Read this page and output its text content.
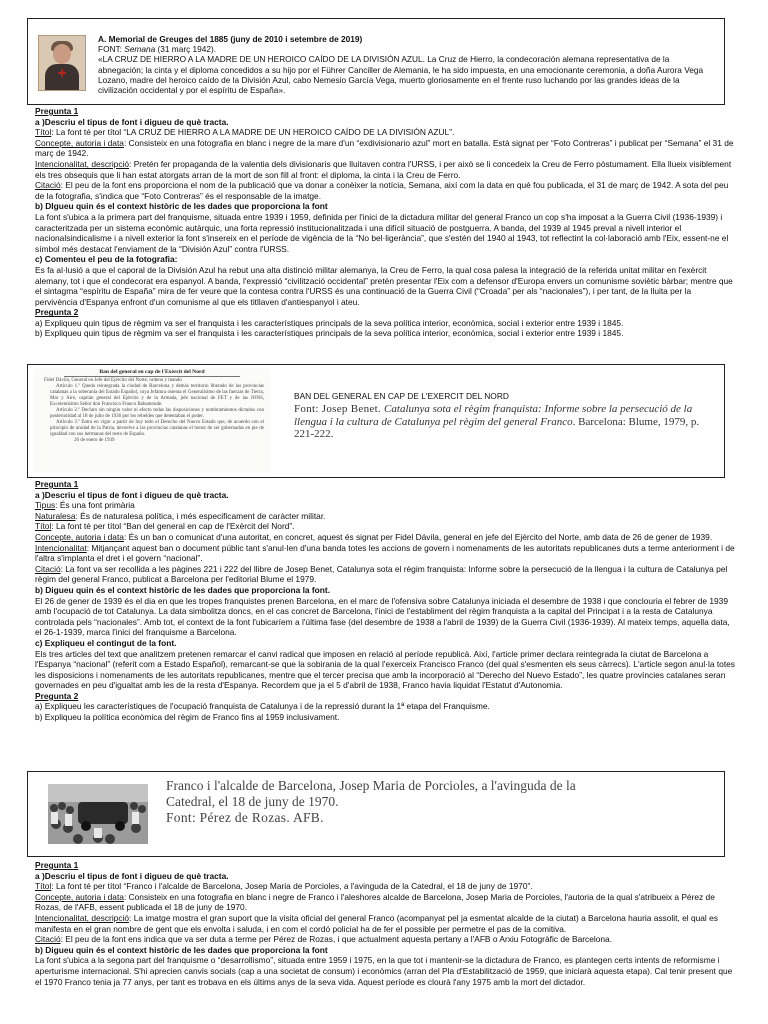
A. Memorial de Greuges del 1885 (juny de 2010 i setembre de 2019)
FONT: Semana (31 març 1942).
«LA CRUZ DE HIERRO A LA MADRE DE UN HEROICO CAÍDO DE LA DIVISIÓN AZUL. La Cruz de Hierro, la condecoración alemana representativa de la abnegación; la cinta y el diploma concedidos a su hijo por el Führer Canciller de Alemania, le ha sido impuesta, en una emocionante ceremonia, a doña Aurora Vega Lozano, madre del heroico caído de la División Azul, cabo Nemesio García Vega, muerto gloriosamente en el frente ruso luchando por las grandes ideas de la civilización occidental y por el espíritu de España».

Pregunta 1

a )Descriu el tipus de font i digueu de què tracta.

Títol: La font té per títol “LA CRUZ DE HIERRO A LA MADRE DE UN HEROICO CAÍDO DE LA DIVISIÓN AZUL”.

Concepte, autoria i data: Consisteix en una fotografia en blanc i negre de la mare d'un “exdivisionario azul” mort en batalla. Està signat per “Foto Contreras” i publicat per “Semana” el 31 de març de 1942.

Intencionalitat, descripció: Pretén fer propaganda de la valentia dels divisionaris que lluitaven contra l'URSS, i per això se li concedeix la Creu de Ferro pòstumament. Ella llueix visiblement els tres obsequis que li han estat atorgats arran de la mort de son fill al front: el diploma, la cinta i la Creu de Ferro.

Citació: El peu de la font ens proporciona el nom de la publicació que va donar a conèixer la notícia, Semana, així com la data en què fou publicada, el 31 de març de 1942. A sota del peu de la fotografia, s'indica que “Foto Contreras” és el responsable de la imatge.

b) DIgueu quin és el context històric de les dades que proporciona la font

La font s'ubica a la primera part del franquisme, situada entre 1939 i 1959, definida per l'inici de la dictadura militar del general Franco un cop s'ha imposat a la Guerra Civil (1936-1939) i caracteritzada per un sistema econòmic autàrquic, una forta repressió institucionalitzada i una difícil situació de postguerra. A banda, del 1939 al 1945 preval a nivell interior el nacionalsindicalisme i a nivell exterior la font s'insereix en el període de vigència de la “No bel·ligerància”, que s'estén del 1940 al 1943, tot reflectint la col·laboració amb l'Eix, essent-ne el símbol més destacat l'enviament de la “División Azul” contra l'URSS.

c) Comenteu el peu de la fotografia:

Es fa al·lusió a que el caporal de la División Azul ha rebut una alta distinció militar alemanya, la Creu de Ferro, la qual cosa palesa la integració de la referida unitat militar en l'exèrcit alemany, tot i que el condecorat era espanyol. A banda, l'expressió “civilització occidental” pretén presentar l'Eix com a defensor d'Europa envers un comunisme soviètic bàrbar; mentre que el sintagma “espíritu de España” mira de fer veure que la contesa contra l'URSS és una continuació de la Guerra Civil (“Croada” per als “nacionales”), i per tant, de la lluita per la pervivència d'Espanya enfront d'un comunisme al que els titllaven d'antiespanyol i ateu.

Pregunta 2

a) Expliqueu quin tipus de règmim va ser el franquista i les característiques principals de la seva política interior, econòmica, social i exterior entre 1939 i 1845.

b) Expliqueu quin tipus de règmim va ser el franquista i les característiques principals de la seva política interior, econòmica, social i exterior entre 1939 i 1845.

Ban del general en cap de l'Exèrcit del Nord
Fidel Dávila, General en Jefe del Ejército del Norte, ordeno y mando
Artículo 1.º Queda reintegrada la ciudad de Barcelona y demás territorio liberado de las provincias catalanas a la soberanía del Estado Español, cuya Jefatura ostenta el Generalísimo de las fuerzas de Tierra, Mar y Aire, capitán general del Ejército y de la Armada, jefe nacional de FET y de las JONS, Excelentísimo Señor don Francisco Franco Bahamonde.
Artículo 2.º Declaro sin ningún valor ni efecto todas las disposiciones y nombramientos dictados con posterioridad al 18 de julio de 1936 por los rebeldes que detentaban el poder.
Artículo 3.º Entra en vigor a partir de hoy todo el Derecho del Nuevo Estado que, de acuerdo con el principio de unidad de la Patria, devuelve a las provincias catalanas el honor de ser gobernadas en pie de igualdad con sus hermanas del resto de España.
26 de enero de 1939
BAN DEL GENERAL EN CAP DE L'EXERCIT DEL NORD
Font: Josep Benet. Catalunya sota el règim franquista: Informe sobre la persecució de la llengua i la cultura de Catalunya pel règim del general Franco. Barcelona: Blume, 1979, p. 221-222.

Pregunta 1

a )Descriu el tipus de font i digueu de què tracta.

Tipus: És una font primària

Naturalesa: És de naturalesa política, i més especificament de caràcter militar.

Títol: La font té per títol “Ban del general en cap de l'Exèrcit del Nord”.

Concepte, autoria i data: És un ban o comunicat d'una autoritat, en concret, aquest és signat per Fidel Dávila, general en jefe del Ejército del Norte, amb data de 26 de gener de 1939.

Intencionalitat: Mitjançant aquest ban o document públic tant s'anul·len d'una banda totes les accions de govern i nomenaments de les autoritats republicanes duts a terme anteriorment i de l'altra s'implanta el dret i el govern “nacional”.

Citació: La font va ser recollida a les pàgines 221 i 222 del llibre de Josep Benet, Catalunya sota el règim franquista: Informe sobre la persecució de la llengua i la cultura de Catalunya pel règim del general Franco, publicat a Barcelona per l'editorial Blume el 1979.

b) Digueu quin és el context històric de les dades que proporciona la font.

El 26 de gener de 1939 és el dia en que les tropes franquistes prenen Barcelona, en el marc de l'ofensiva sobre Catalunya iniciada el desembre de 1938 i que conclouria el febrer de 1939 amb l'ocupació de tot Catalunya. La data simbolitza doncs, en el cas concret de Barcelona, l'inici de l'establiment del règim franquista a la capital del Principat i a la resta de Catalunya controlada pels “nacionales”. Amb tot, el context de la font l'ubicaríem a l'última fase (del desembre de 1938 a l'abril de 1939) de la Guerra Civil (1936-1939). Al mateix temps, aquella data, el 26-1-1939, marca l'inici del franquisme a Barcelona.

c) Expliqueu el contingut de la font.

Els tres articles del text que analitzem pretenen remarcar el canvi radical que imposen en relació al període republicà. Així, l'article primer declara reintegrada la ciutat de Barcelona a l'Espanya “nacional” (referit com a Estado Español), remarcant-se que la sobirania de la qual l'exerceix Francisco Franco (del qual s'esmenten els seus càrrecs). L'article segon anul·la totes les disposicions i nomenaments de les autoritats republicanes, mentre que el tercer precisa que amb la incorporació al “Derecho del Nuevo Estado”, les quatre províncies catalanes seran governades en peu d'igualtat amb les de la resta d'Espanya. Recordem que ja el 5 d'abril de 1938, Franco havia liquidat l'Estatut d'Autonomia.

Pregunta 2

a) Expliqueu les característiques de l'ocupació franquista de Catalunya i de la repressió durant la 1ª etapa del Franquisme.

b) Expliqueu la política econòmica del règim de Franco fins al 1959 inclusivament.

Franco i l'alcalde de Barcelona, Josep Maria de Porcioles, a l'avinguda de la Catedral, el 18 de juny de 1970.
Font: Pérez de Rozas. AFB.

Pregunta 1

a )Descriu el tipus de font i digueu de què tracta.

Títol: La font té per títol “Franco i l'alcalde de Barcelona, Josep Maria de Porcioles, a l'avinguda de la Catedral, el 18 de juny de 1970”.

Concepte, autoria i data: Consisteix en una fotografia en blanc i negre de Franco i l'aleshores alcalde de Barcelona, Josep Maria de Porcioles, l'autoria de la qual s'atribueix a Pérez de Rozas, de l'AFB, essent publicada el 18 de juny de 1970.

Intencionalitat, descripció: La imatge mostra el gran suport que la visita oficial del general Franco (acompanyat pel ja esmentat alcalde de la ciutat) a Barcelona hauria assolit, el qual es manifesta en el gran nombre de gent que els envolta i saluda, i en com el cordó policial ha de fer el possible per permetre el pas de la comitiva.

Citació: El peu de la font ens indica que va ser duta a terme per Pérez de Rozas, i que actualment aquesta pertany a l'AFB o Arxiu Fotogràfic de Barcelona.

b) Digueu quin és el context històric de les dades que proporciona la font

La font s'ubica a la segona part del franquisme o “desarrollismo”, situada entre 1959 i 1975, en la que tot i mantenir-se la dictadura de Franco, es plantegen certs intents de reformisme i aperturisme internacional. S'hi aprecien canvis socials (cap a una societat de consum) i econòmics (arran del Pla d'Estabilització de 1959, que iniciarà aquesta etapa). Cal tenir present que el 1970 Franco tenia ja 77 anys, per tant es trobava en els últims anys de la seva vida. Aquest període es clourà l'any 1975 amb la mort del dictador.
